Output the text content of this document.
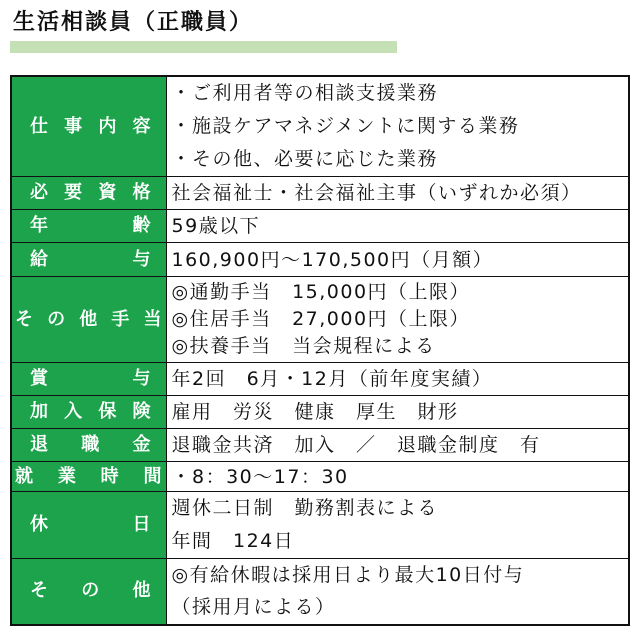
生活相談員（正職員）
仕事内容	・ご利用者等の相談支援業務
・施設ケアマネジメントに関する業務
・その他、必要に応じた業務

必要資格	社会福祉士・社会福祉主事（いずれか必須）

年齢	59歳以下

給与	160,900円～170,500円（月額）

その他手当	◎通勤手当　15,000円（上限）
◎住居手当　27,000円（上限）
◎扶養手当　当会規程による

賞与	年2回　6月・12月（前年度実績）

加入保険	雇用　労災　健康　厚生　財形

退職金	退職金共済　加入　／　退職金制度　有

就業時間	・8：30～17：30

休日	週休二日制　勤務割表による
年間　124日

その他	◎有給休暇は採用日より最大10日付与
（採用月による）
